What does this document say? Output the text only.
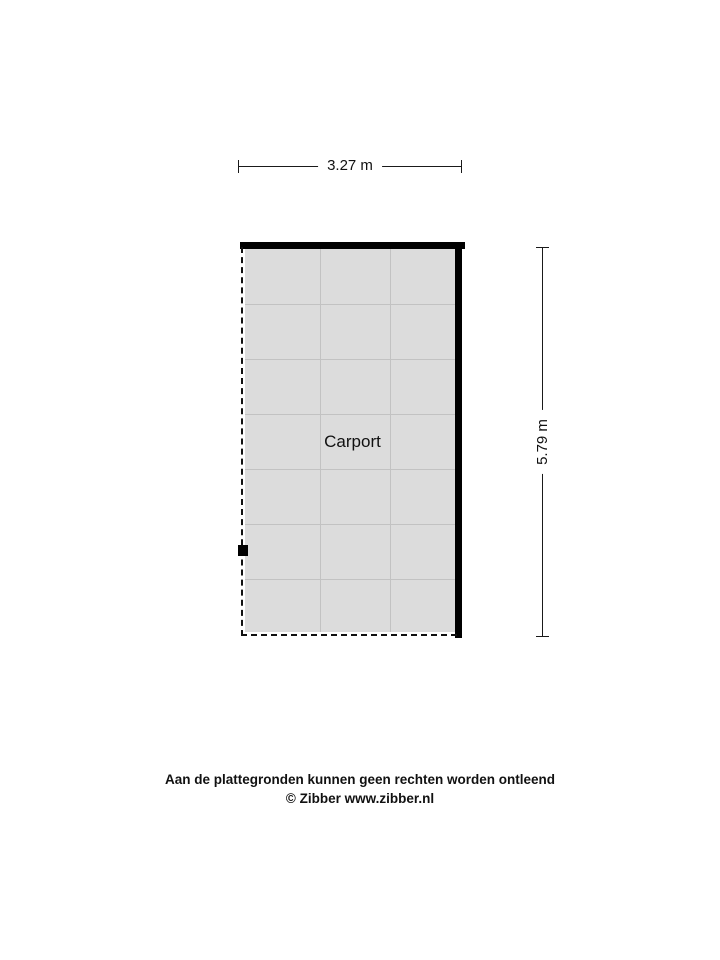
3.27 m
5.79 m
Carport
Aan de plattegronden kunnen geen rechten worden ontleend
© Zibber www.zibber.nl
